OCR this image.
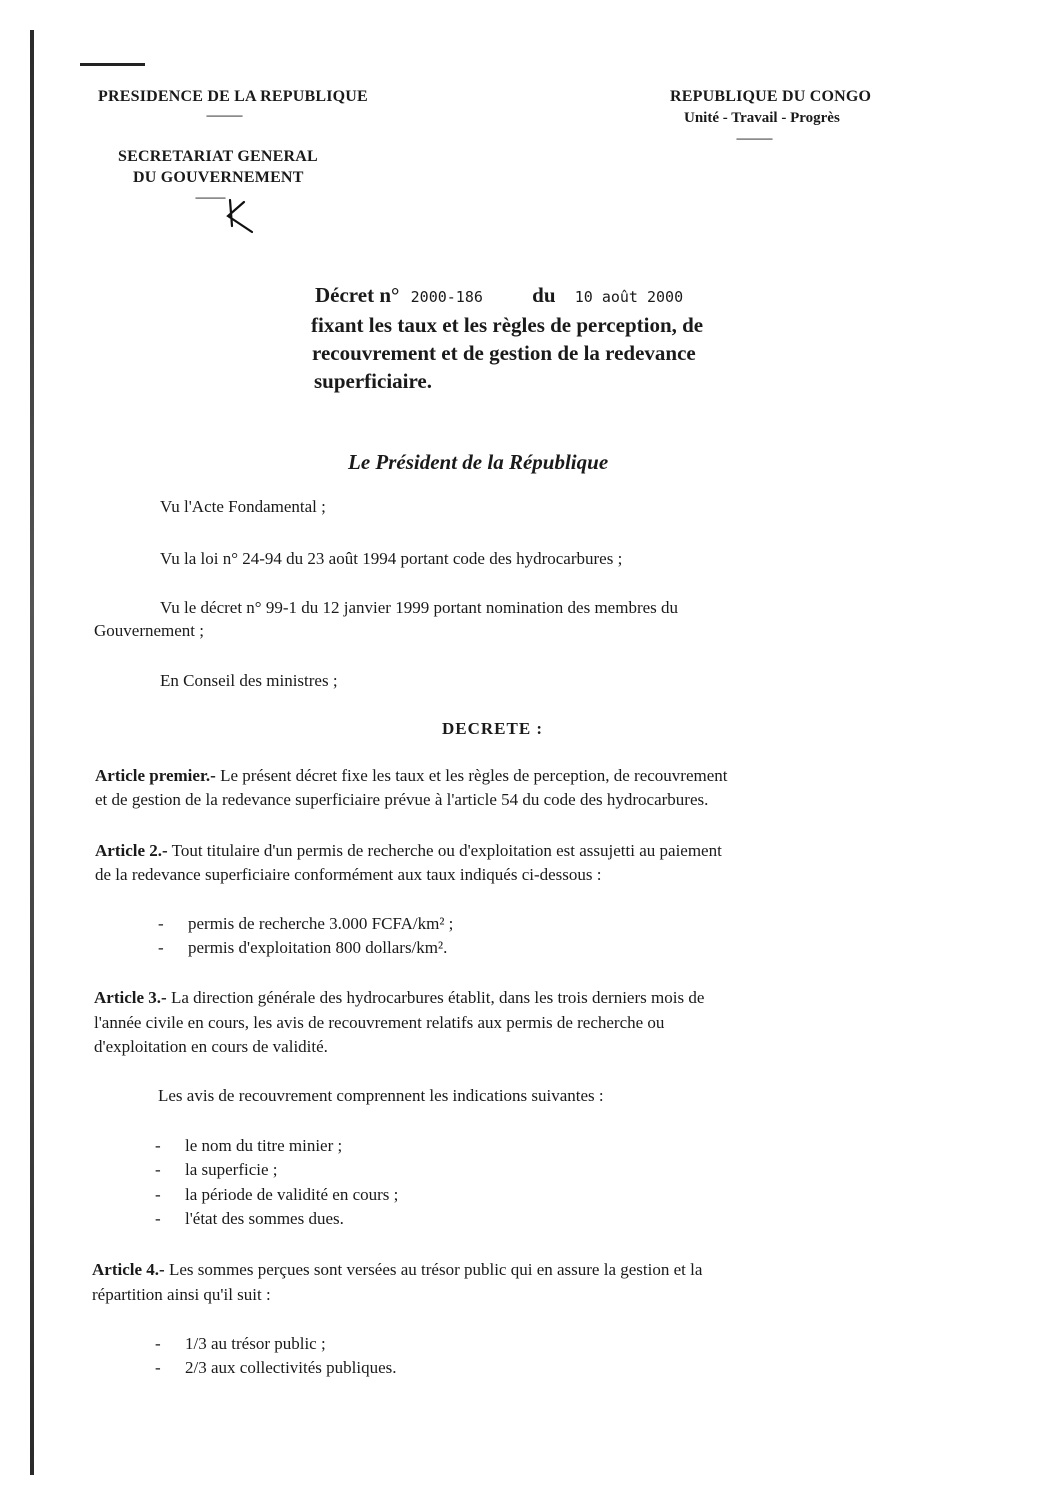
PRESIDENCE DE LA REPUBLIQUE
------------
SECRETARIAT GENERAL
DU GOUVERNEMENT
----------
REPUBLIQUE DU CONGO
Unité - Travail - Progrès
------------
Décret n° 2000-186 du 10 août 2000
fixant les taux et les règles de perception, de
recouvrement et de gestion de la redevance
superficiaire.
Le Président de la République
Vu l'Acte Fondamental ;
Vu la loi n° 24-94 du 23 août 1994 portant code des hydrocarbures ;
Vu le décret n° 99-1 du 12 janvier 1999 portant nomination des membres du
Gouvernement ;
En Conseil des ministres ;
DECRETE :
Article premier.- Le présent décret fixe les taux et les règles de perception, de recouvrement
et de gestion de la redevance superficiaire prévue à l'article 54 du code des hydrocarbures.
Article 2.- Tout titulaire d'un permis de recherche ou d'exploitation est assujetti au paiement
de la redevance superficiaire conformément aux taux indiqués ci-dessous :
- permis de recherche 3.000 FCFA/km² ;
- permis d'exploitation 800 dollars/km².
Article 3.- La direction générale des hydrocarbures établit, dans les trois derniers mois de
l'année civile en cours, les avis de recouvrement relatifs aux permis de recherche ou
d'exploitation en cours de validité.
Les avis de recouvrement comprennent les indications suivantes :
- le nom du titre minier ;
- la superficie ;
- la période de validité en cours ;
- l'état des sommes dues.
Article 4.- Les sommes perçues sont versées au trésor public qui en assure la gestion et la
répartition ainsi qu'il suit :
- 1/3 au trésor public ;
- 2/3 aux collectivités publiques.
